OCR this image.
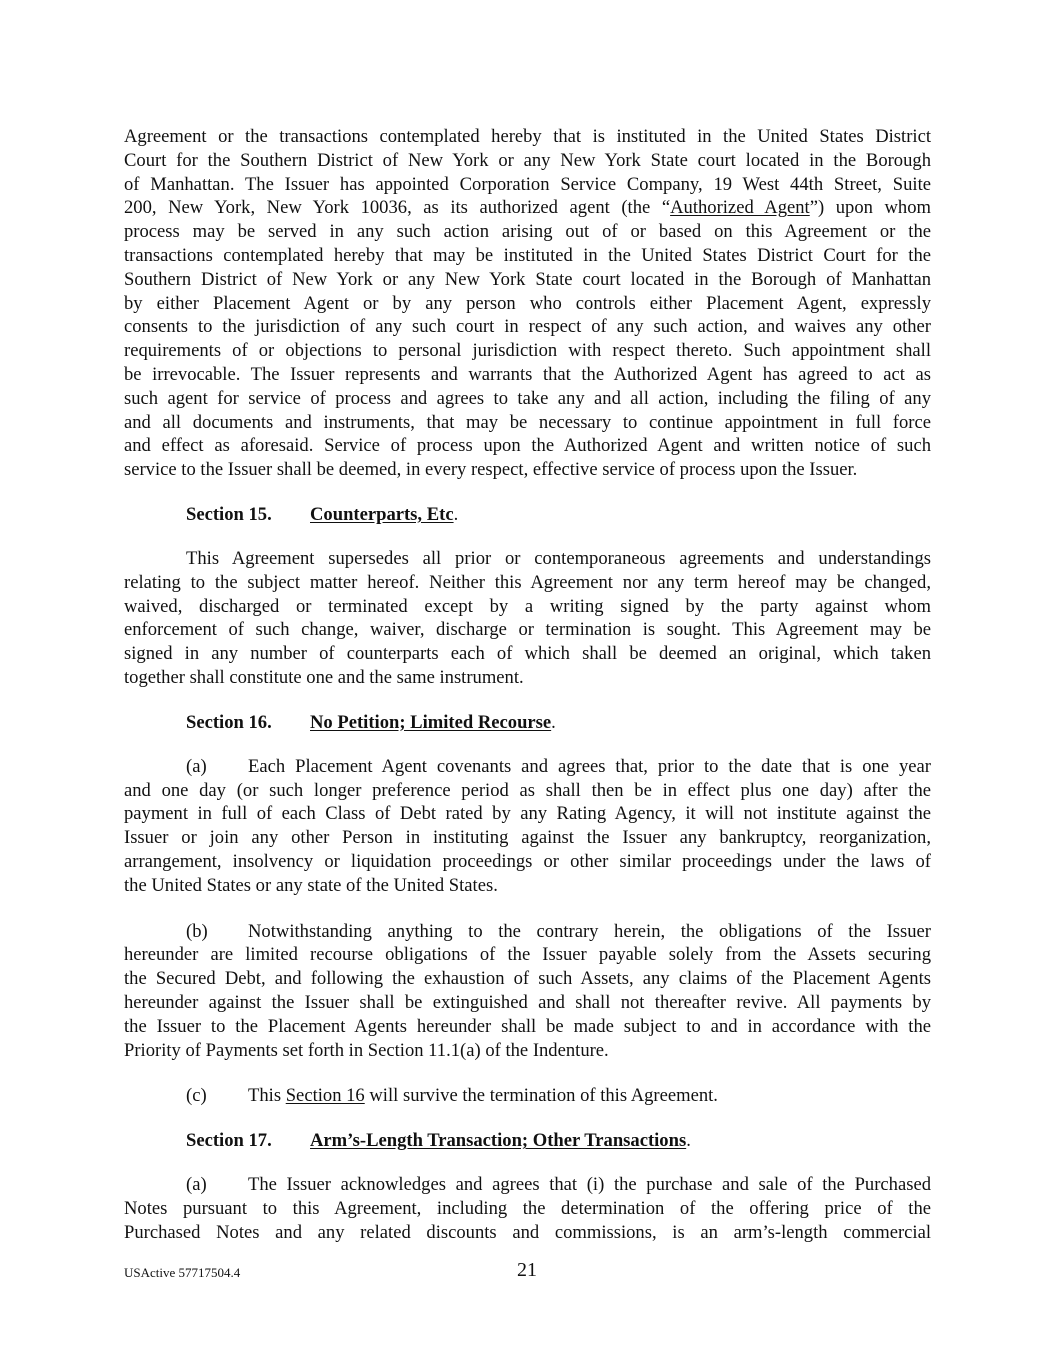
Agreement or the transactions contemplated hereby that is instituted in the United States District
Court for the Southern District of New York or any New York State court located in the Borough
of Manhattan. The Issuer has appointed Corporation Service Company, 19 West 44th Street, Suite
200, New York, New York 10036, as its authorized agent (the “Authorized Agent”) upon whom
process may be served in any such action arising out of or based on this Agreement or the
transactions contemplated hereby that may be instituted in the United States District Court for the
Southern District of New York or any New York State court located in the Borough of Manhattan
by either Placement Agent or by any person who controls either Placement Agent, expressly
consents to the jurisdiction of any such court in respect of any such action, and waives any other
requirements of or objections to personal jurisdiction with respect thereto. Such appointment shall
be irrevocable. The Issuer represents and warrants that the Authorized Agent has agreed to act as
such agent for service of process and agrees to take any and all action, including the filing of any
and all documents and instruments, that may be necessary to continue appointment in full force
and effect as aforesaid. Service of process upon the Authorized Agent and written notice of such
service to the Issuer shall be deemed, in every respect, effective service of process upon the Issuer.
Section 15. Counterparts, Etc.
This Agreement supersedes all prior or contemporaneous agreements and understandings
relating to the subject matter hereof. Neither this Agreement nor any term hereof may be changed,
waived, discharged or terminated except by a writing signed by the party against whom
enforcement of such change, waiver, discharge or termination is sought. This Agreement may be
signed in any number of counterparts each of which shall be deemed an original, which taken
together shall constitute one and the same instrument.
Section 16. No Petition; Limited Recourse.
(a) Each Placement Agent covenants and agrees that, prior to the date that is one year
and one day (or such longer preference period as shall then be in effect plus one day) after the
payment in full of each Class of Debt rated by any Rating Agency, it will not institute against the
Issuer or join any other Person in instituting against the Issuer any bankruptcy, reorganization,
arrangement, insolvency or liquidation proceedings or other similar proceedings under the laws of
the United States or any state of the United States.
(b) Notwithstanding anything to the contrary herein, the obligations of the Issuer
hereunder are limited recourse obligations of the Issuer payable solely from the Assets securing
the Secured Debt, and following the exhaustion of such Assets, any claims of the Placement Agents
hereunder against the Issuer shall be extinguished and shall not thereafter revive. All payments by
the Issuer to the Placement Agents hereunder shall be made subject to and in accordance with the
Priority of Payments set forth in Section 11.1(a) of the Indenture.
(c) This Section 16 will survive the termination of this Agreement.
Section 17. Arm’s-Length Transaction; Other Transactions.
(a) The Issuer acknowledges and agrees that (i) the purchase and sale of the Purchased
Notes pursuant to this Agreement, including the determination of the offering price of the
Purchased Notes and any related discounts and commissions, is an arm’s-length commercial
USActive 57717504.4	21
